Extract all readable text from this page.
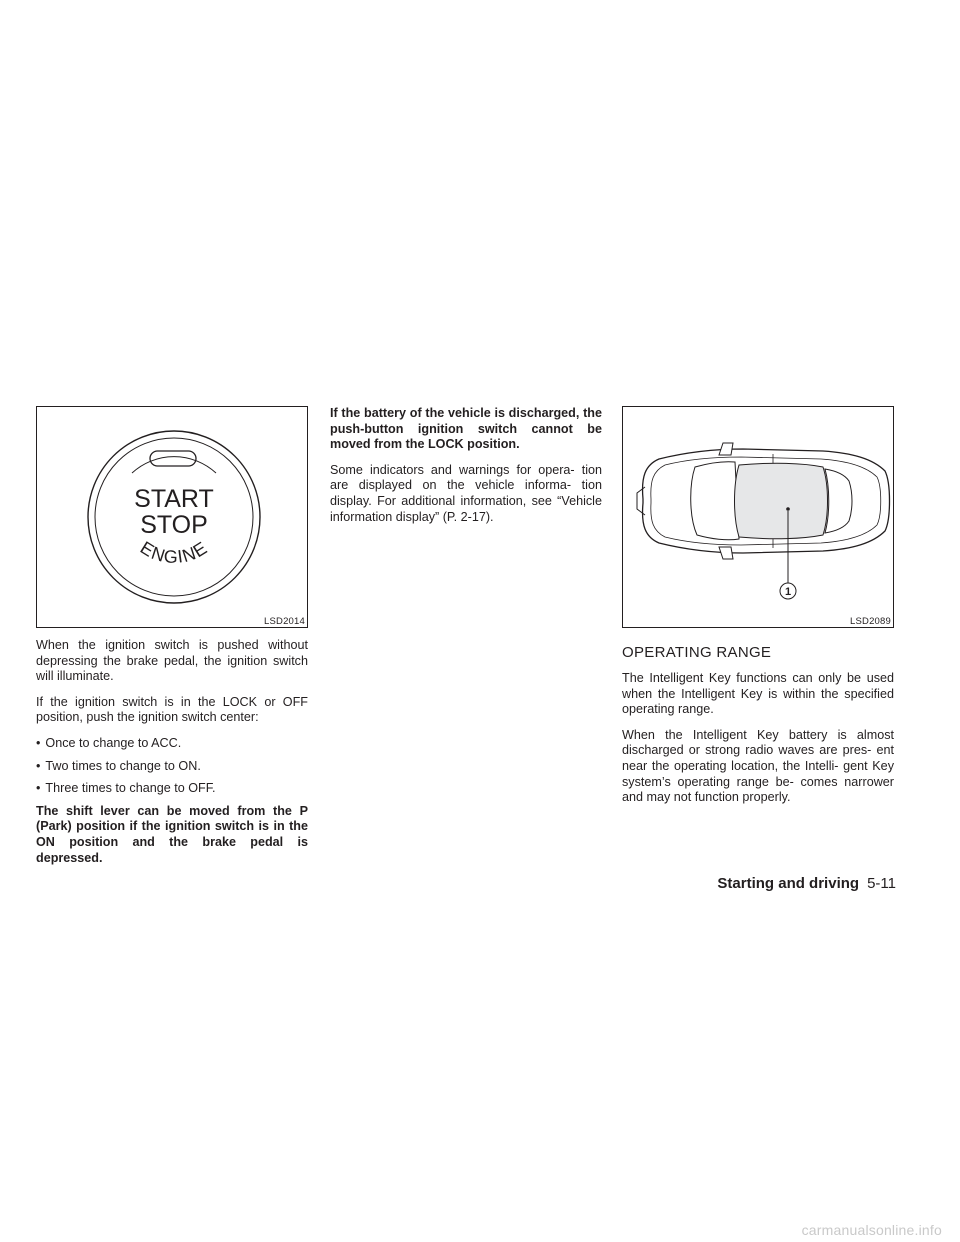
START
STOP
ENGINE
LSD2014

When the ignition switch is pushed without depressing the brake pedal, the ignition switch will illuminate.

If the ignition switch is in the LOCK or OFF position, push the ignition switch center:

• Once to change to ACC.
• Two times to change to ON.
• Three times to change to OFF.

The shift lever can be moved from the P (Park) position if the ignition switch is in the ON position and the brake pedal is depressed.

If the battery of the vehicle is discharged, the push-button ignition switch cannot be moved from the LOCK position.

Some indicators and warnings for opera- tion are displayed on the vehicle informa- tion display. For additional information, see “Vehicle information display” (P. 2-17).

1
LSD2089
OPERATING RANGE

The Intelligent Key functions can only be used when the Intelligent Key is within the specified operating range.

When the Intelligent Key battery is almost discharged or strong radio waves are pres- ent near the operating location, the Intelli- gent Key system’s operating range be- comes narrower and may not function properly.

Starting and driving 5-11
carmanualsonline.info
